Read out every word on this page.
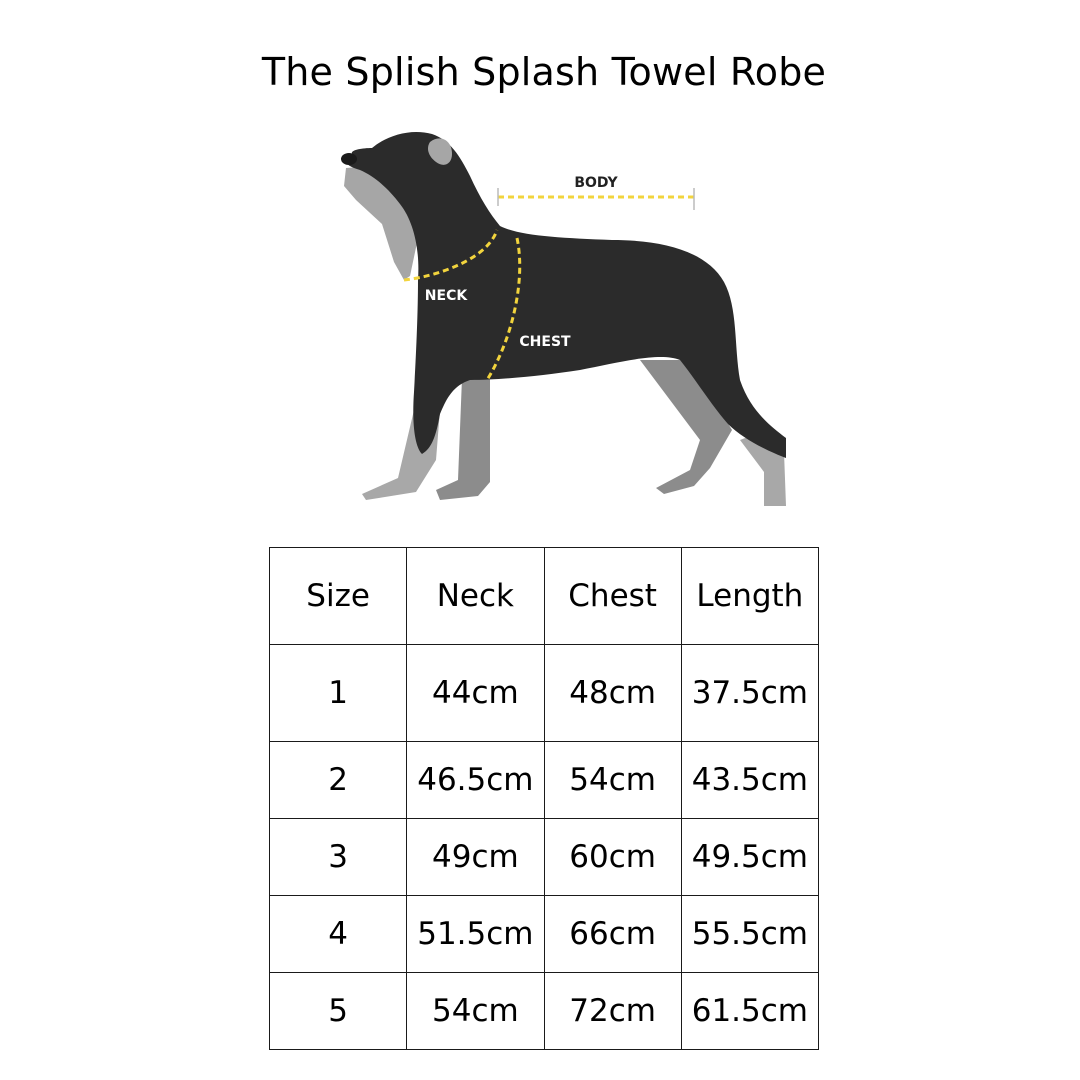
The Splish Splash Towel Robe
BODY
NECK
CHEST
Size	Neck	Chest	Length
1	44cm	48cm	37.5cm
2	46.5cm	54cm	43.5cm
3	49cm	60cm	49.5cm
4	51.5cm	66cm	55.5cm
5	54cm	72cm	61.5cm
